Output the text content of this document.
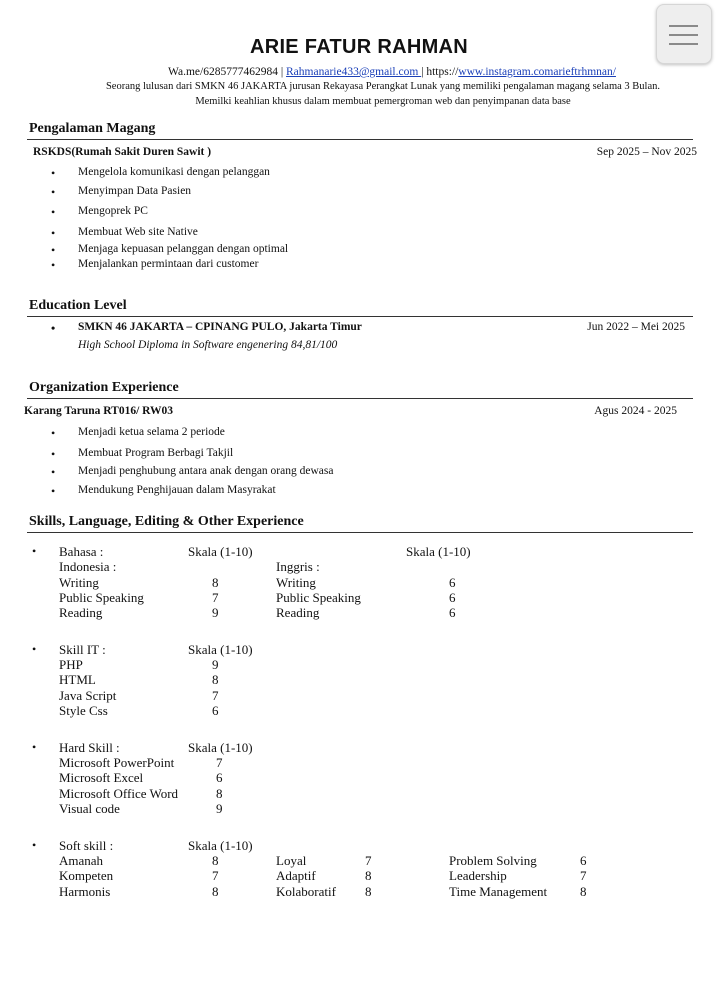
ARIE FATUR RAHMAN
Wa.me/6285777462984 | Rahmanarie433@gmail.com | https://www.instagram.comarieftrhmnan/
Seorang lulusan dari SMKN 46 JAKARTA jurusan Rekayasa Perangkat Lunak yang memiliki pengalaman magang selama 3 Bulan.
Memilki keahlian khusus dalam membuat pemergroman web dan penyimpanan data base
Pengalaman Magang
RSKDS(Rumah Sakit Duren Sawit )	Sep 2025 – Nov 2025
• Mengelola komunikasi dengan pelanggan
• Menyimpan Data Pasien
• Mengoprek PC
• Membuat Web site Native
• Menjaga kepuasan pelanggan dengan optimal
• Menjalankan permintaan dari customer
Education Level
• SMKN 46 JAKARTA – CPINANG PULO, Jakarta Timur	Jun 2022 – Mei 2025
High School Diploma in Software engenering 84,81/100
Organization Experience
Karang Taruna RT016/ RW03	Agus 2024 - 2025
• Menjadi ketua selama 2 periode
• Membuat Program Berbagi Takjil
• Menjadi penghubung antara anak dengan orang dewasa
• Mendukung Penghijauan dalam Masyrakat
Skills, Language, Editing & Other Experience
• Bahasa :	Skala (1-10)	Skala (1-10)
Indonesia :	Inggris :
Writing	8	Writing	6
Public Speaking	7	Public Speaking	6
Reading	9	Reading	6
• Skill IT :	Skala (1-10)
PHP	9
HTML	8
Java Script	7
Style Css	6
• Hard Skill :	Skala (1-10)
Microsoft PowerPoint	7
Microsoft Excel	6
Microsoft Office Word	8
Visual code	9
• Soft skill :	Skala (1-10)
Amanah	8	Loyal	7	Problem Solving	6
Kompeten	7	Adaptif	8	Leadership	7
Harmonis	8	Kolaboratif 8	Time Management	8
